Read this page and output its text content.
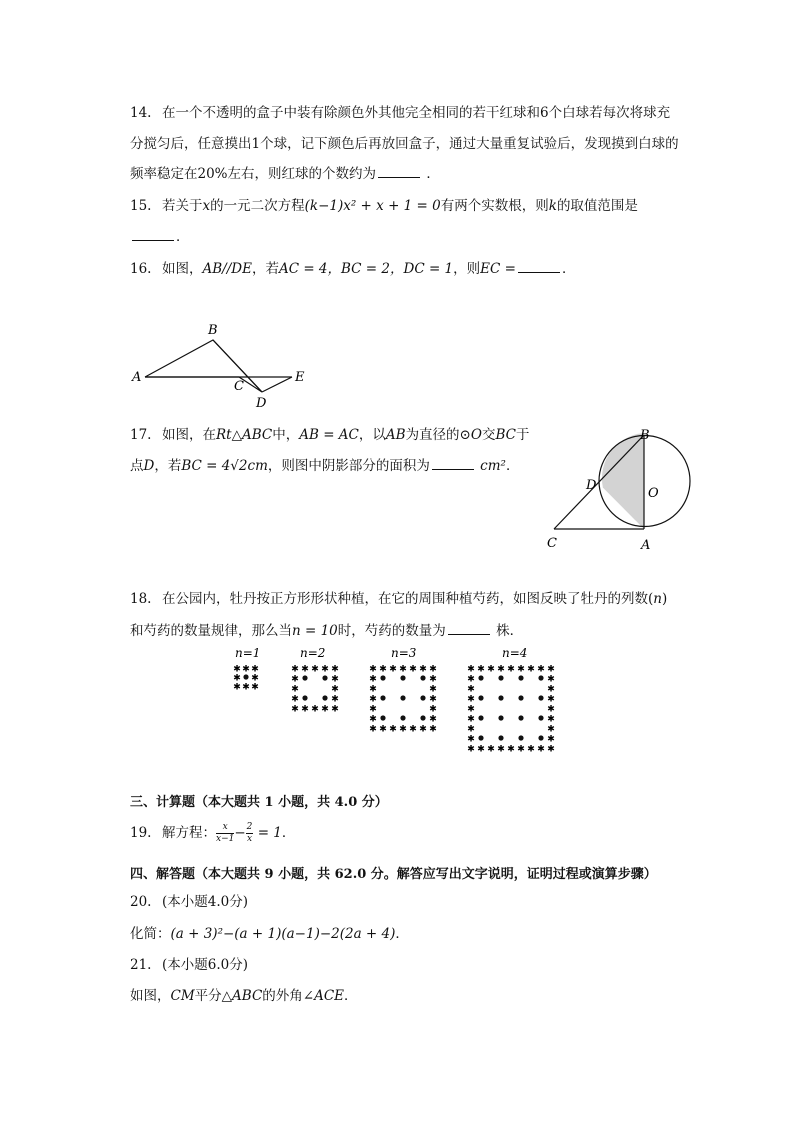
14. 在一个不透明的盒子中装有除颜色外其他完全相同的若干红球和6个白球若每次将球充
分搅匀后，任意摸出1个球，记下颜色后再放回盒子，通过大量重复试验后，发现摸到白球的
频率稳定在20%左右，则红球的个数约为	．
15. 若关于x的一元二次方程(k−1)x² + x + 1 = 0有两个实数根，则k的取值范围是
．
16. 如图，AB//DE，若AC = 4，BC = 2，DC = 1，则EC =	．
B
A
C
D
E
17. 如图，在Rt△ABC中，AB = AC，以AB为直径的⊙O交BC于
点D，若BC = 4√2cm，则图中阴影部分的面积为	cm²．
B
D
O
C	A
18. 在公园内，牡丹按正方形形状种植，在它的周围种植芍药，如图反映了牡丹的列数(n)
和芍药的数量规律，那么当n = 10时，芍药的数量为	株．
n=1	n=2	n=3	n=4
✱ ✱ ✱
✱ ✱
✱ ✱ ✱
✱ ✱ ✱ ✱ ✱
✱	✱
✱	✱
✱	✱
✱ ✱ ✱ ✱ ✱
✱ ✱ ✱ ✱ ✱ ✱ ✱
✱	✱
✱	✱
✱	✱
✱	✱
✱	✱
✱ ✱ ✱ ✱ ✱ ✱ ✱
✱ ✱ ✱ ✱ ✱ ✱ ✱ ✱ ✱
✱	✱
✱	✱
✱	✱
✱	✱
✱	✱
✱	✱
✱	✱
✱ ✱ ✱ ✱ ✱ ✱ ✱ ✱ ✱
三、计算题（本大题共 1 小题，共 4.0 分）
19. 解方程： $\frac{x}{x-1} - \frac{2}{x} = 1$．
四、解答题（本大题共 9 小题，共 62.0 分。解答应写出文字说明，证明过程或演算步骤）
20. (本小题4.0分)
化简：(a + 3)²−(a + 1)(a−1)−2(2a + 4)．
21. (本小题6.0分)
如图，CM平分△ABC的外角∠ACE．
